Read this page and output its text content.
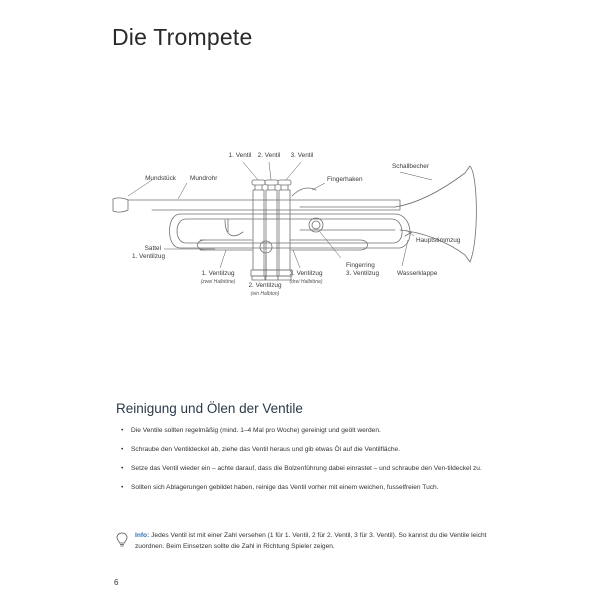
Die Trompete
1. Ventil 2. Ventil 3. Ventil
Schallbecher
Mundstück Mundrohr	Fingerhaken
Sattel
1. Ventilzug
Hauptstimmzug
Fingerring
3. Ventilzug	Wasserklappe
1. Ventilzug
(zwei Halbtöne) 2. Ventilzug
(ein Halbton)
3. Ventilzug
(drei Halbtöne)
Reinigung und Ölen der Ventile
• Die Ventile sollten regelmäßig (mind. 1–4 Mal pro Woche) gereinigt und geölt werden.
• Schraube den Ventildeckel ab, ziehe das Ventil heraus und gib etwas Öl auf die Ventilfläche.
• Setze das Ventil wieder ein – achte darauf, dass die Bolzenführung dabei einrastet – und schraube den Ven-tildeckel zu.
• Sollten sich Ablagerungen gebildet haben, reinige das Ventil vorher mit einem weichen, fusselfreien Tuch.
Info: Jedes Ventil ist mit einer Zahl versehen (1 für 1. Ventil, 2 für 2. Ventil, 3 für 3. Ventil). So kannst du die Ventile leicht zuordnen. Beim Einsetzen sollte die Zahl in Richtung Spieler zeigen.
6
